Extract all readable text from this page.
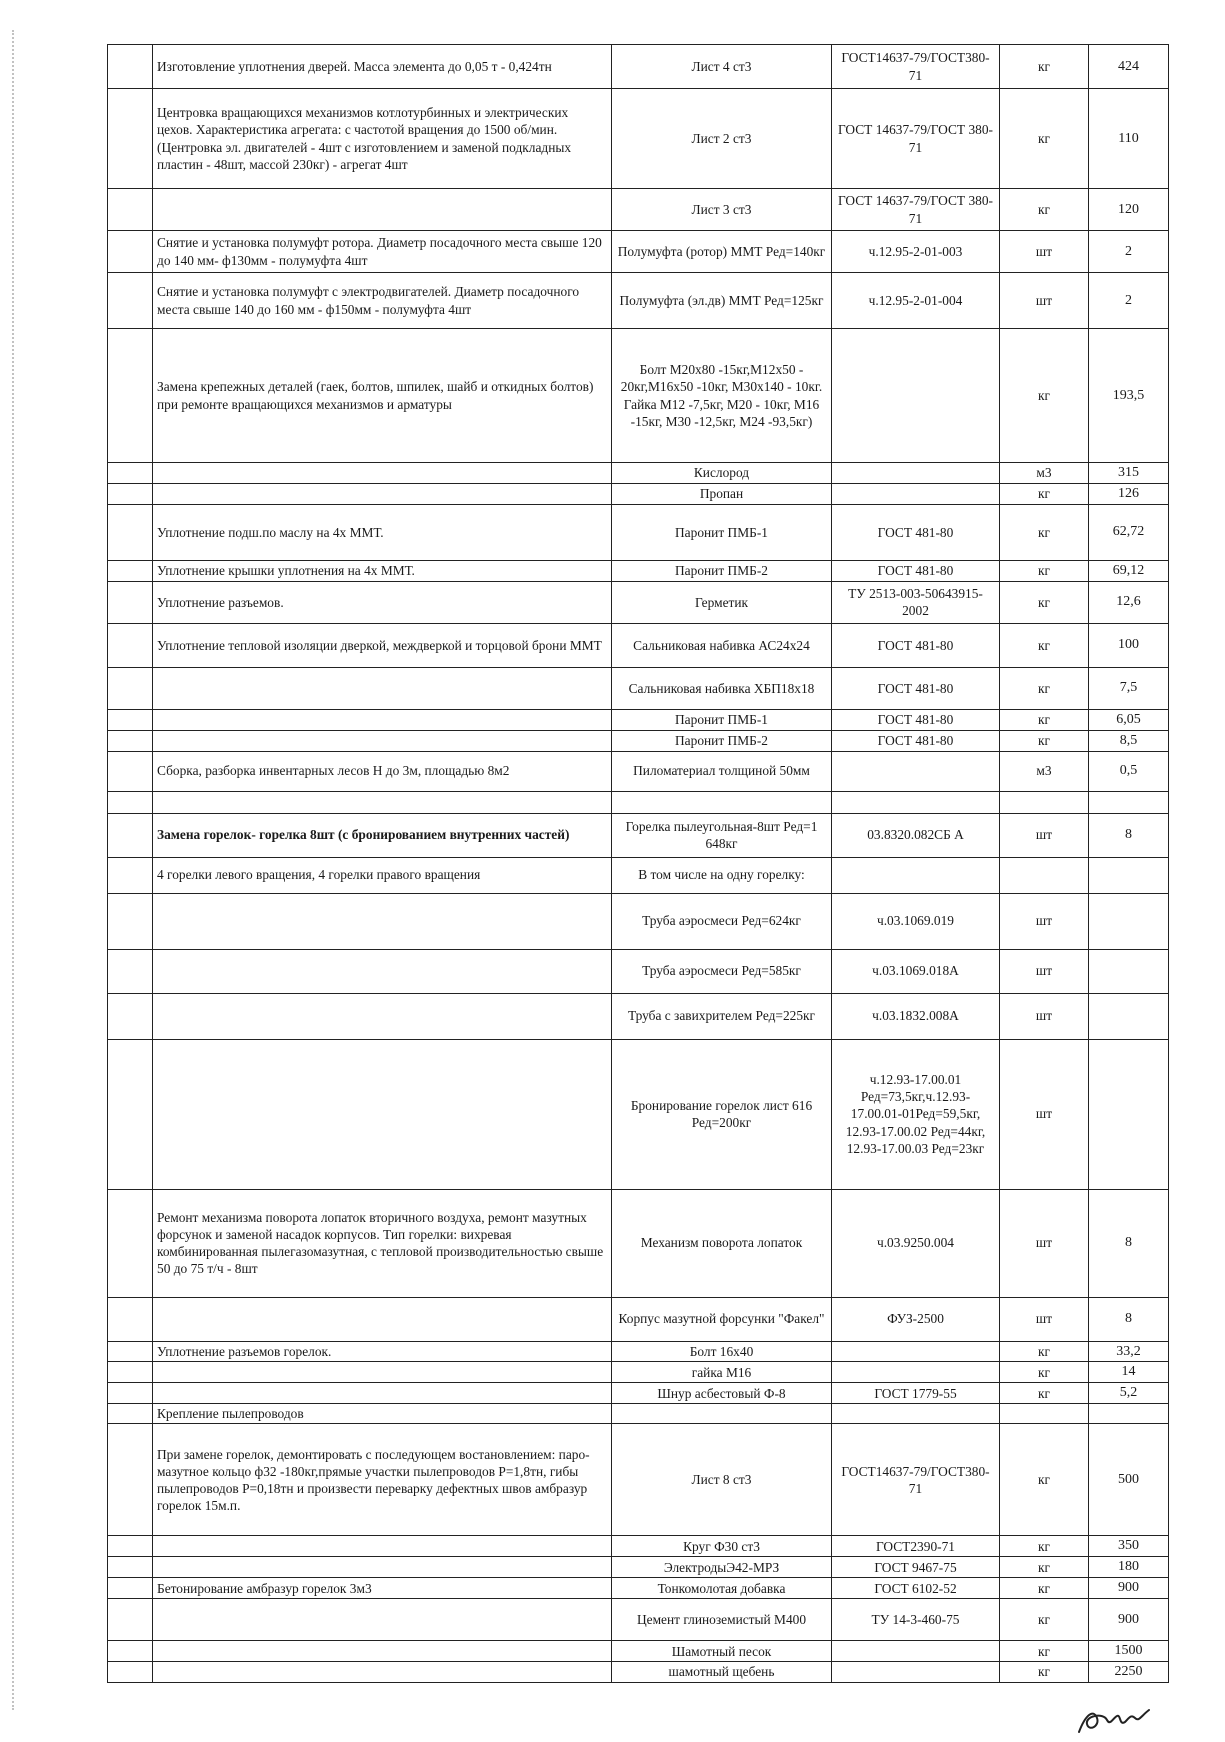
	Изготовление уплотнения дверей. Масса элемента до 0,05 т - 0,424тн	Лист 4 ст3	ГОСТ14637-79/ГОСТ380-71	кг	424
	Центровка вращающихся механизмов котлотурбинных и электрических цехов. Характеристика агрегата: с частотой вращения до 1500 об/мин. (Центровка эл. двигателей - 4шт с изготовлением и заменой подкладных пластин - 48шт, массой 230кг) - агрегат 4шт	Лист 2 ст3	ГОСТ 14637-79/ГОСТ 380-71	кг	110
		Лист 3 ст3	ГОСТ 14637-79/ГОСТ 380-71	кг	120
	Снятие и установка полумуфт ротора. Диаметр посадочного места свыше 120 до 140 мм- ф130мм - полумуфта 4шт	Полумуфта (ротор) ММТ Ред=140кг	ч.12.95-2-01-003	шт	2
	Снятие и установка полумуфт с электродвигателей. Диаметр посадочного места свыше 140 до 160 мм - ф150мм - полумуфта 4шт	Полумуфта (эл.дв) ММТ Ред=125кг	ч.12.95-2-01-004	шт	2
	Замена крепежных деталей (гаек, болтов, шпилек, шайб и откидных болтов) при ремонте вращающихся механизмов и арматуры	Болт М20х80 -15кг,М12х50 - 20кг,М16х50 -10кг, М30х140 - 10кг. Гайка М12 -7,5кг, М20 - 10кг, М16 -15кг, М30 -12,5кг, М24 -93,5кг)		кг	193,5
		Кислород		м3	315
		Пропан		кг	126
	Уплотнение подш.по маслу на 4х ММТ.	Паронит ПМБ-1	ГОСТ 481-80	кг	62,72
	Уплотнение крышки уплотнения на 4х ММТ.	Паронит ПМБ-2	ГОСТ 481-80	кг	69,12
	Уплотнение разъемов.	Герметик	ТУ 2513-003-50643915-2002	кг	12,6
	Уплотнение тепловой изоляции дверкой, междверкой и торцовой брони ММТ	Сальниковая набивка АС24х24	ГОСТ 481-80	кг	100
		Сальниковая набивка ХБП18х18	ГОСТ 481-80	кг	7,5
		Паронит ПМБ-1	ГОСТ 481-80	кг	6,05
		Паронит ПМБ-2	ГОСТ 481-80	кг	8,5
	Сборка, разборка инвентарных лесов Н до 3м, площадью 8м2	Пиломатериал толщиной 50мм		м3	0,5

	Замена горелок- горелка 8шт (с бронированием внутренних частей)	Горелка пылеугольная-8шт Ред=1 648кг	03.8320.082СБ А	шт	8
	4 горелки левого вращения, 4 горелки правого вращения	В том числе на одну горелку:			
		Труба аэросмеси Ред=624кг	ч.03.1069.019	шт	
		Труба аэросмеси Ред=585кг	ч.03.1069.018А	шт	
		Труба с завихрителем Ред=225кг	ч.03.1832.008А	шт	
		Бронирование горелок лист 616 Ред=200кг	ч.12.93-17.00.01 Ред=73,5кг,ч.12.93-17.00.01-01Ред=59,5кг, 12.93-17.00.02 Ред=44кг, 12.93-17.00.03 Ред=23кг	шт	
	Ремонт механизма поворота лопаток вторичного воздуха, ремонт мазутных форсунок и заменой насадок корпусов. Тип горелки: вихревая комбинированная пылегазомазутная, с тепловой производительностью свыше 50 до 75 т/ч - 8шт	Механизм поворота лопаток	ч.03.9250.004	шт	8
		Корпус мазутной форсунки "Факел"	ФУЗ-2500	шт	8
	Уплотнение разъемов горелок.	Болт 16х40		кг	33,2
		гайка М16		кг	14
		Шнур асбестовый Ф-8	ГОСТ 1779-55	кг	5,2
	Крепление пылепроводов				
	При замене горелок, демонтировать с последующем востановлением: паро-мазутное кольцо ф32 -180кг,прямые участки пылепроводов Р=1,8тн, гибы пылепроводов Р=0,18тн и произвести переварку дефектных швов амбразур горелок 15м.п.	Лист 8 ст3	ГОСТ14637-79/ГОСТ380-71	кг	500
		Круг Ф30 ст3	ГОСТ2390-71	кг	350
		ЭлектродыЭ42-МРЗ	ГОСТ 9467-75	кг	180
	Бетонирование амбразур горелок 3м3	Тонкомолотая добавка	ГОСТ 6102-52	кг	900
		Цемент глиноземистый М400	ТУ 14-3-460-75	кг	900
		Шамотный песок		кг	1500
		шамотный щебень		кг	2250
